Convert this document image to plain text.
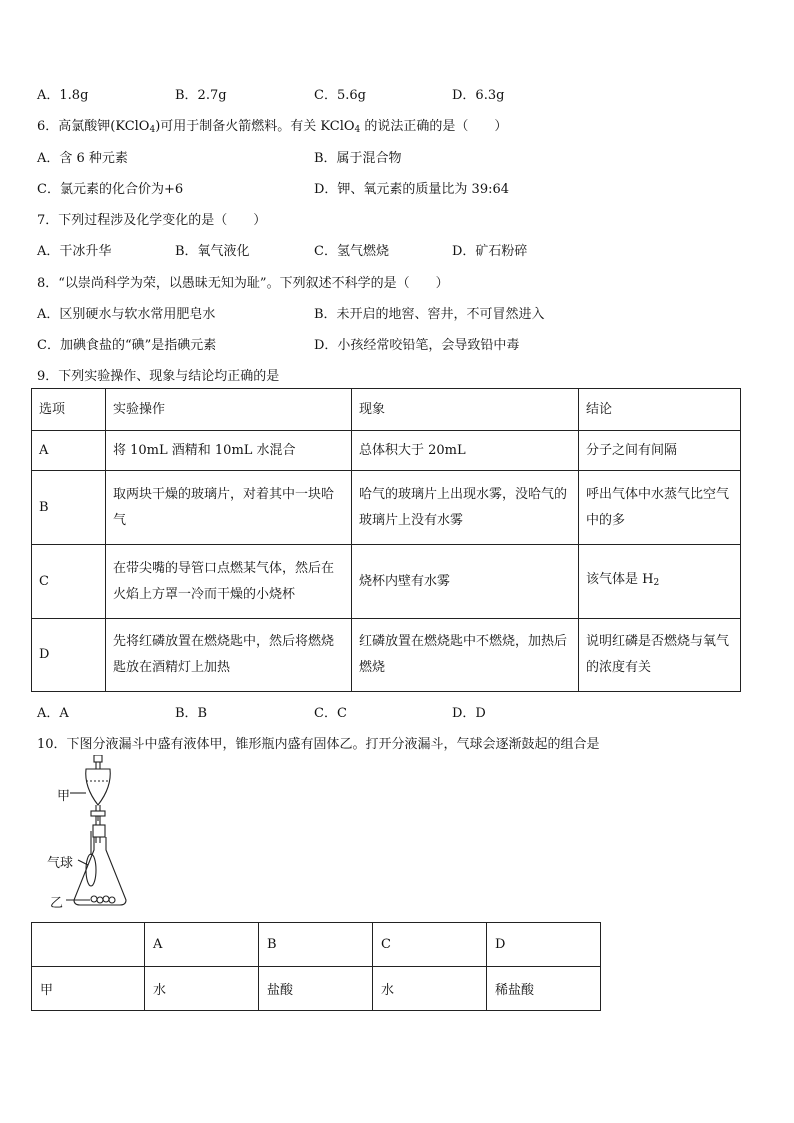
A．1.8g	B．2.7g	C．5.6g	D．6.3g
6．高氯酸钾(KClO$_4$)可用于制备火箭燃料。有关 KClO$_4$ 的说法正确的是（　　）
A．含 6 种元素	B．属于混合物
C．氯元素的化合价为+6	D．钾、氧元素的质量比为 39:64
7．下列过程涉及化学变化的是（　　）
A．干冰升华	B．氧气液化	C．氢气燃烧	D．矿石粉碎
8．“以崇尚科学为荣，以愚昧无知为耻”。下列叙述不科学的是（　　）
A．区别硬水与软水常用肥皂水	B．未开启的地窖、窖井，不可冒然进入
C．加碘食盐的“碘”是指碘元素	D．小孩经常咬铅笔，会导致铅中毒
9．下列实验操作、现象与结论均正确的是
选项	实验操作	现象	结论
A	将 10mL 酒精和 10mL 水混合	总体积大于 20mL	分子之间有间隔
B	取两块干燥的玻璃片，对着其中一块哈气	哈气的玻璃片上出现水雾，没哈气的玻璃片上没有水雾	呼出气体中水蒸气比空气中的多
C	在带尖嘴的导管口点燃某气体，然后在火焰上方罩一冷而干燥的小烧杯	烧杯内壁有水雾	该气体是 $H_2$
D	先将红磷放置在燃烧匙中，然后将燃烧匙放在酒精灯上加热	红磷放置在燃烧匙中不燃烧，加热后燃烧	说明红磷是否燃烧与氧气的浓度有关
A．A	B．B	C．C	D．D
10．下图分液漏斗中盛有液体甲，锥形瓶内盛有固体乙。打开分液漏斗，气球会逐渐鼓起的组合是
甲
气球
乙
	A	B	C	D
甲	水	盐酸	水	稀盐酸
